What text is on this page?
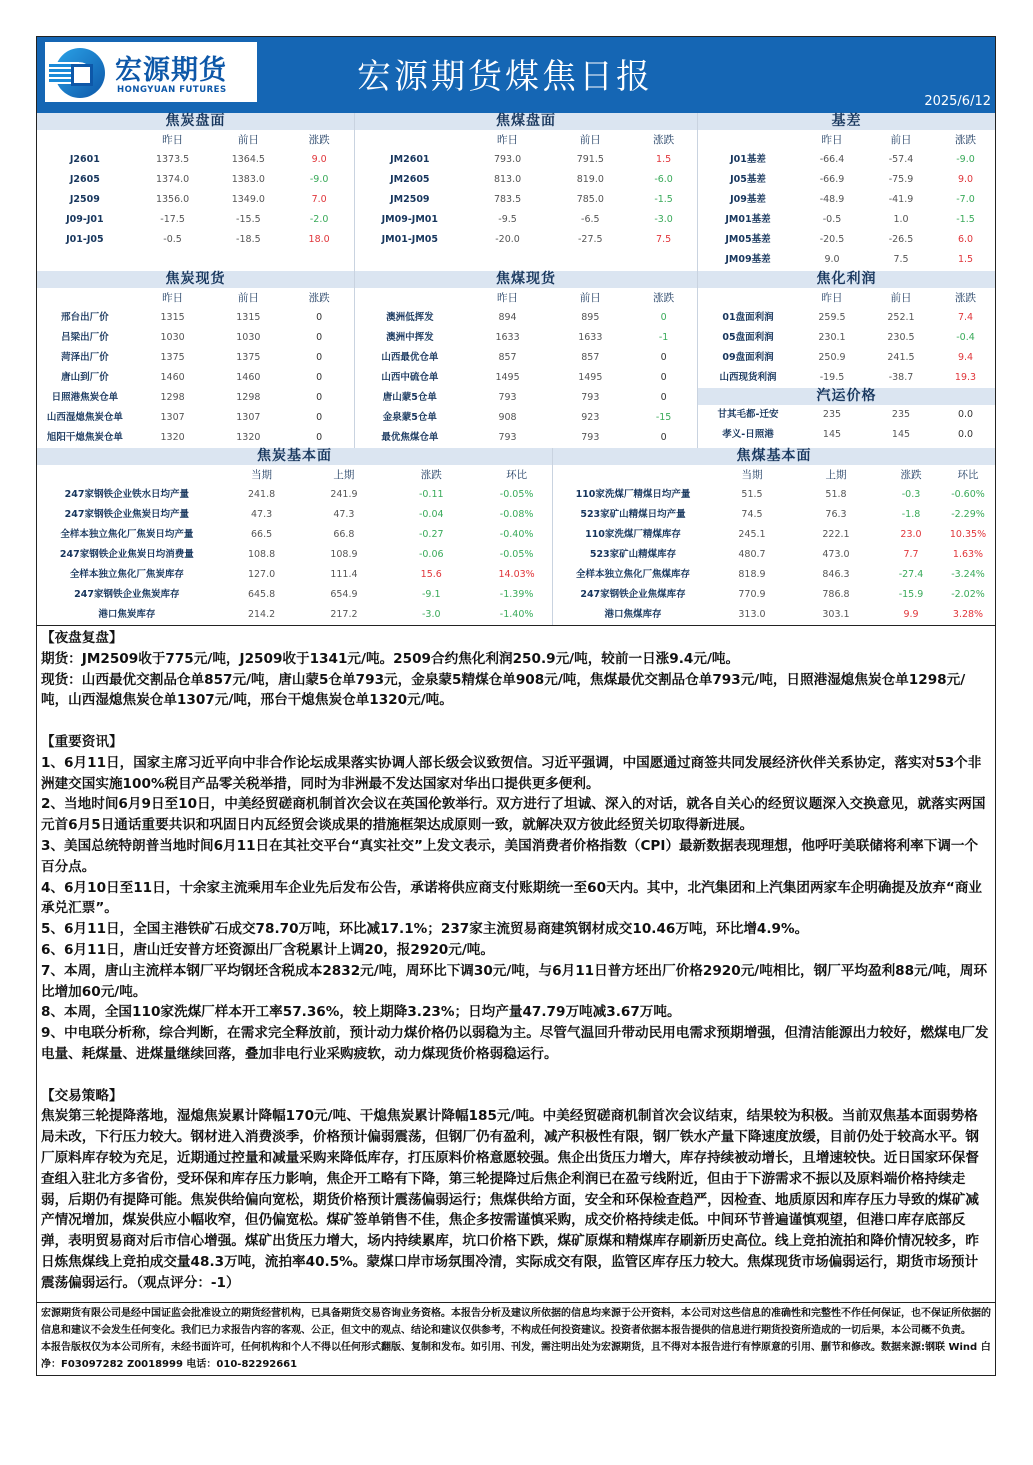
宏源期货
HONGYUAN FUTURES	宏源期货煤焦日报
2025/6/12
焦炭盘面
昨日	前日	涨跌
J2601	1373.5	1364.5	9.0
J2605	1374.0	1383.0	-9.0
J2509	1356.0	1349.0	7.0
J09-J01	-17.5	-15.5	-2.0
J01-J05	-0.5	-18.5	18.0
焦煤盘面
昨日	前日	涨跌
JM2601	793.0	791.5	1.5
JM2605	813.0	819.0	-6.0
JM2509	783.5	785.0	-1.5
JM09-JM01	-9.5	-6.5	-3.0
JM01-JM05	-20.0	-27.5	7.5
基差
昨日	前日	涨跌
J01基差	-66.4	-57.4	-9.0
J05基差	-66.9	-75.9	9.0
J09基差	-48.9	-41.9	-7.0
JM01基差	-0.5	1.0	-1.5
JM05基差	-20.5	-26.5	6.0
JM09基差	9.0	7.5	1.5
焦炭现货
昨日	前日	涨跌
邢台出厂价	1315	1315	0
吕梁出厂价	1030	1030	0
菏泽出厂价	1375	1375	0
唐山到厂价	1460	1460	0
日照港焦炭仓单	1298	1298	0
山西湿熄焦炭仓单	1307	1307	0
旭阳干熄焦炭仓单	1320	1320	0
焦煤现货
昨日	前日	涨跌
澳洲低挥发	894	895	0
澳洲中挥发	1633	1633	-1
山西最优仓单	857	857	0
山西中硫仓单	1495	1495	0
唐山蒙5仓单	793	793	0
金泉蒙5仓单	908	923	-15
最优焦煤仓单	793	793	0
焦化利润
昨日	前日	涨跌
01盘面利润	259.5	252.1	7.4
05盘面利润	230.1	230.5	-0.4
09盘面利润	250.9	241.5	9.4
山西现货利润	-19.5	-38.7	19.3
汽运价格
甘其毛都-迁安	235	235	0.0
孝义-日照港	145	145	0.0
焦炭基本面
当期	上期	涨跌	环比
247家钢铁企业铁水日均产量	241.8	241.9	-0.11	-0.05%
247家钢铁企业焦炭日均产量	47.3	47.3	-0.04	-0.08%
全样本独立焦化厂焦炭日均产量	66.5	66.8	-0.27	-0.40%
247家钢铁企业焦炭日均消费量	108.8	108.9	-0.06	-0.05%
全样本独立焦化厂焦炭库存	127.0	111.4	15.6	14.03%
247家钢铁企业焦炭库存	645.8	654.9	-9.1	-1.39%
港口焦炭库存	214.2	217.2	-3.0	-1.40%
焦煤基本面
当期	上期	涨跌	环比
110家洗煤厂精煤日均产量	51.5	51.8	-0.3	-0.60%
523家矿山精煤日均产量	74.5	76.3	-1.8	-2.29%
110家洗煤厂精煤库存	245.1	222.1	23.0	10.35%
523家矿山精煤库存	480.7	473.0	7.7	1.63%
全样本独立焦化厂焦煤库存	818.9	846.3	-27.4	-3.24%
247家钢铁企业焦煤库存	770.9	786.8	-15.9	-2.02%
港口焦煤库存	313.0	303.1	9.9	3.28%

【夜盘复盘】

期货：JM2509收于775元/吨，J2509收于1341元/吨。2509合约焦化利润250.9元/吨，较前一日涨9.4元/吨。

现货：山西最优交割品仓单857元/吨，唐山蒙5仓单793元，金泉蒙5精煤仓单908元/吨，焦煤最优交割品仓单793元/吨，日照港湿熄焦炭仓单1298元/吨，山西湿熄焦炭仓单1307元/吨，邢台干熄焦炭仓单1320元/吨。

【重要资讯】

1、6月11日，国家主席习近平向中非合作论坛成果落实协调人部长级会议致贺信。习近平强调，中国愿通过商签共同发展经济伙伴关系协定，落实对53个非洲建交国实施100%税目产品零关税举措，同时为非洲最不发达国家对华出口提供更多便利。

2、当地时间6月9日至10日，中美经贸磋商机制首次会议在英国伦敦举行。双方进行了坦诚、深入的对话，就各自关心的经贸议题深入交换意见，就落实两国元首6月5日通话重要共识和巩固日内瓦经贸会谈成果的措施框架达成原则一致，就解决双方彼此经贸关切取得新进展。

3、美国总统特朗普当地时间6月11日在其社交平台“真实社交”上发文表示，美国消费者价格指数（CPI）最新数据表现理想，他呼吁美联储将利率下调一个百分点。

4、6月10日至11日，十余家主流乘用车企业先后发布公告，承诺将供应商支付账期统一至60天内。其中，北汽集团和上汽集团两家车企明确提及放弃“商业承兑汇票”。

5、6月11日，全国主港铁矿石成交78.70万吨，环比减17.1%；237家主流贸易商建筑钢材成交10.46万吨，环比增4.9%。

6、6月11日，唐山迁安普方坯资源出厂含税累计上调20，报2920元/吨。

7、本周，唐山主流样本钢厂平均钢坯含税成本2832元/吨，周环比下调30元/吨，与6月11日普方坯出厂价格2920元/吨相比，钢厂平均盈利88元/吨，周环比增加60元/吨。

8、本周，全国110家洗煤厂样本开工率57.36%，较上期降3.23%；日均产量47.79万吨减3.67万吨。

9、中电联分析称，综合判断，在需求完全释放前，预计动力煤价格仍以弱稳为主。尽管气温回升带动民用电需求预期增强，但清洁能源出力较好，燃煤电厂发电量、耗煤量、进煤量继续回落，叠加非电行业采购疲软，动力煤现货价格弱稳运行。

【交易策略】

焦炭第三轮提降落地，湿熄焦炭累计降幅170元/吨、干熄焦炭累计降幅185元/吨。中美经贸磋商机制首次会议结束，结果较为积极。当前双焦基本面弱势格局未改，下行压力较大。钢材进入消费淡季，价格预计偏弱震荡，但钢厂仍有盈利，减产积极性有限，钢厂铁水产量下降速度放缓，目前仍处于较高水平。钢厂原料库存较为充足，近期通过控量和减量采购来降低库存，打压原料价格意愿较强。焦企出货压力增大，库存持续被动增长，且增速较快。近日国家环保督查组入驻北方多省份，受环保和库存压力影响，焦企开工略有下降，第三轮提降过后焦企利润已在盈亏线附近，但由于下游需求不振以及原料端价格持续走弱，后期仍有提降可能。焦炭供给偏向宽松，期货价格预计震荡偏弱运行；焦煤供给方面，安全和环保检查趋严，因检查、地质原因和库存压力导致的煤矿减产情况增加，煤炭供应小幅收窄，但仍偏宽松。煤矿签单销售不佳，焦企多按需谨慎采购，成交价格持续走低。中间环节普遍谨慎观望，但港口库存底部反弹，表明贸易商对后市信心增强。煤矿出货压力增大，场内持续累库，坑口价格下跌，煤矿原煤和精煤库存刷新历史高位。线上竞拍流拍和降价情况较多，昨日炼焦煤线上竞拍成交量48.3万吨，流拍率40.5%。蒙煤口岸市场氛围冷清，实际成交有限，监管区库存压力较大。焦煤现货市场偏弱运行，期货市场预计震荡偏弱运行。（观点评分：-1）

宏源期货有限公司是经中国证监会批准设立的期货经营机构，已具备期货交易咨询业务资格。本报告分析及建议所依据的信息均来源于公开资料，本公司对这些信息的准确性和完整性不作任何保证，也不保证所依据的信息和建议不会发生任何变化。我们已力求报告内容的客观、公正，但文中的观点、结论和建议仅供参考，不构成任何投资建议。投资者依据本报告提供的信息进行期货投资所造成的一切后果，本公司概不负责。

本报告版权仅为本公司所有，未经书面许可，任何机构和个人不得以任何形式翻版、复制和发布。如引用、刊发，需注明出处为宏源期货，且不得对本报告进行有悖原意的引用、删节和修改。数据来源:钢联 Wind 白净：F03097282 Z0018999 电话：010-82292661
